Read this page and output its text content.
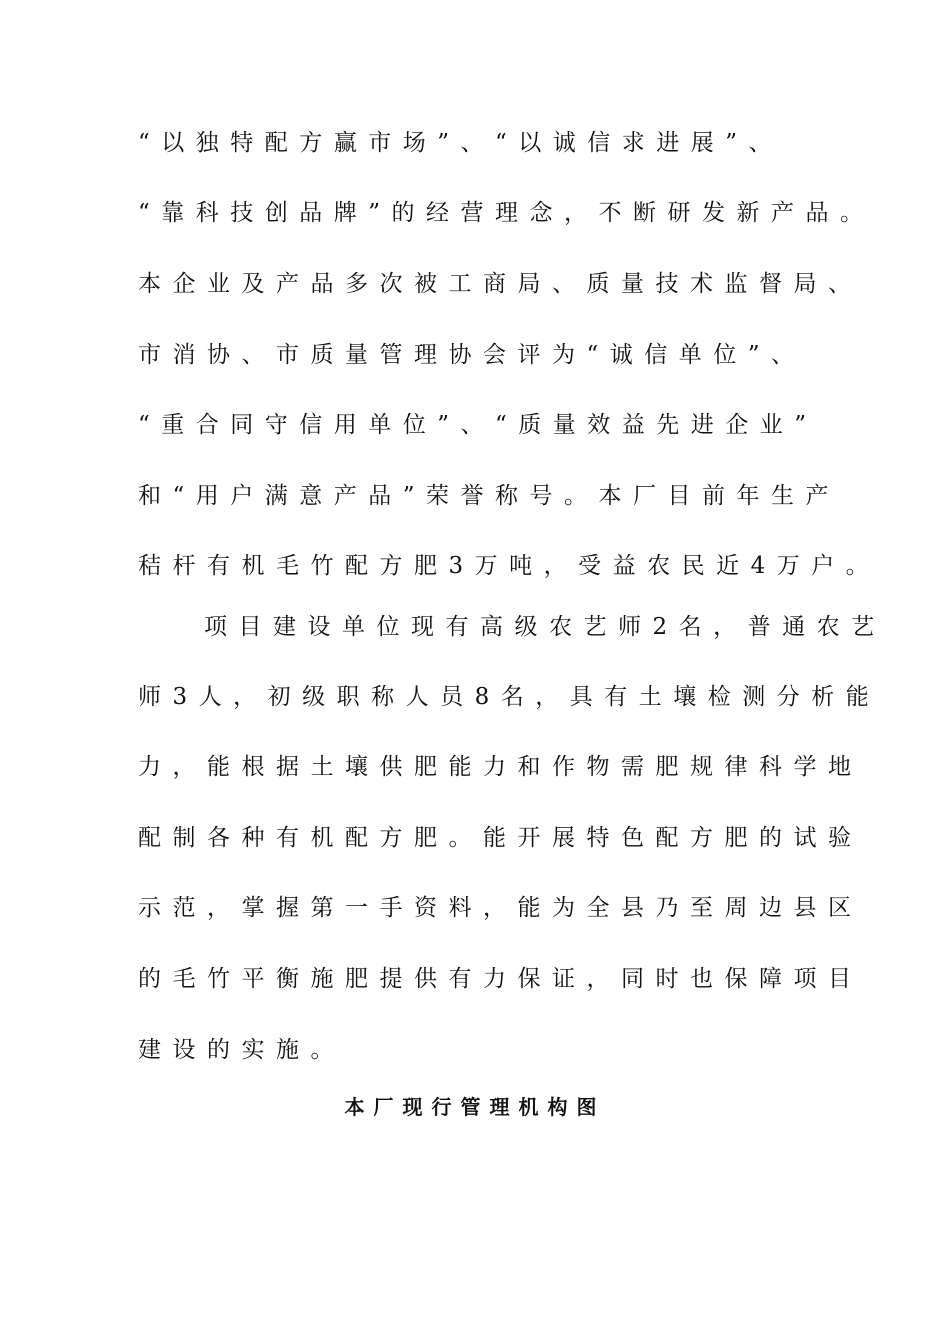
“以独特配方赢市场”、“以诚信求进展”、
“靠科技创品牌”的经营理念，不断研发新产品。
本企业及产品多次被工商局、质量技术监督局、
市消协、市质量管理协会评为“诚信单位”、
“重合同守信用单位”、“质量效益先进企业”
和“用户满意产品”荣誉称号。本厂目前年生产
秸杆有机毛竹配方肥3万吨，受益农民近4万户。
项目建设单位现有高级农艺师2名，普通农艺
师3人，初级职称人员8名，具有土壤检测分析能
力，能根据土壤供肥能力和作物需肥规律科学地
配制各种有机配方肥。能开展特色配方肥的试验
示范，掌握第一手资料，能为全县乃至周边县区
的毛竹平衡施肥提供有力保证，同时也保障项目
建设的实施。
本厂现行管理机构图
